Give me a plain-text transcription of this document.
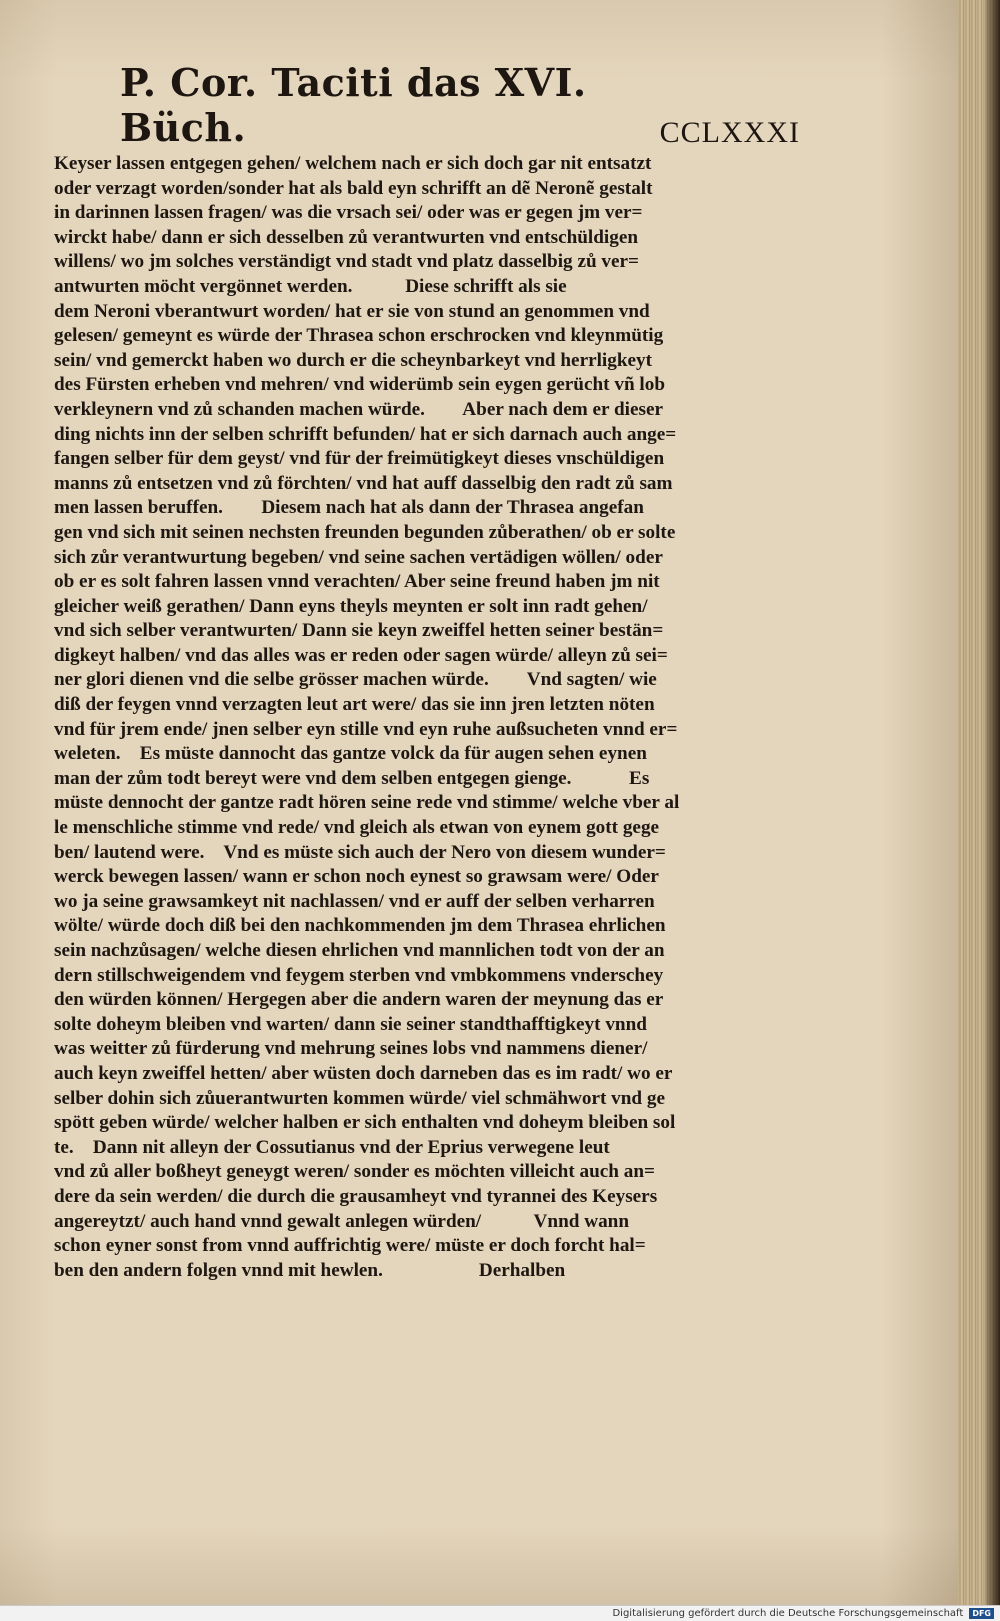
P. Cor. Taciti das XVI. Büch.	CCLXXXI
Keyser lassen entgegen gehen/ welchem nach er sich doch gar nit entsatzt
oder verzagt worden/sonder hat als bald eyn schrifft an dẽ Neronẽ gestalt
in darinnen lassen fragen/ was die vrsach sei/ oder was er gegen jm ver=
wirckt habe/ dann er sich desselben zů verantwurten vnd entschüldigen
willens/ wo jm solches verständigt vnd stadt vnd platz dasselbig zů ver=
antwurten möcht vergönnet werden.           Diese schrifft als sie
dem Neroni vberantwurt worden/ hat er sie von stund an genommen vnd
gelesen/ gemeynt es würde der Thrasea schon erschrocken vnd kleynmütig
sein/ vnd gemerckt haben wo durch er die scheynbarkeyt vnd herrligkeyt
des Fürsten erheben vnd mehren/ vnd widerümb sein eygen gerücht vñ lob
verkleynern vnd zů schanden machen würde.        Aber nach dem er dieser
ding nichts inn der selben schrifft befunden/ hat er sich darnach auch ange=
fangen selber für dem geyst/ vnd für der freimütigkeyt dieses vnschüldigen
manns zů entsetzen vnd zů förchten/ vnd hat auff dasselbig den radt zů sam
men lassen beruffen.        Diesem nach hat als dann der Thrasea angefan
gen vnd sich mit seinen nechsten freunden begunden zůberathen/ ob er solte
sich zůr verantwurtung begeben/ vnd seine sachen vertädigen wöllen/ oder
ob er es solt fahren lassen vnnd verachten/ Aber seine freund haben jm nit
gleicher weiß gerathen/ Dann eyns theyls meynten er solt inn radt gehen/
vnd sich selber verantwurten/ Dann sie keyn zweiffel hetten seiner bestän=
digkeyt halben/ vnd das alles was er reden oder sagen würde/ alleyn zů sei=
ner glori dienen vnd die selbe grösser machen würde.        Vnd sagten/ wie
diß der feygen vnnd verzagten leut art were/ das sie inn jren letzten nöten
vnd für jrem ende/ jnen selber eyn stille vnd eyn ruhe außsucheten vnnd er=
weleten.    Es müste dannocht das gantze volck da für augen sehen eynen
man der zům todt bereyt were vnd dem selben entgegen gienge.            Es
müste dennocht der gantze radt hören seine rede vnd stimme/ welche vber al
le menschliche stimme vnd rede/ vnd gleich als etwan von eynem gott gege
ben/ lautend were.    Vnd es müste sich auch der Nero von diesem wunder=
werck bewegen lassen/ wann er schon noch eynest so grawsam were/ Oder
wo ja seine grawsamkeyt nit nachlassen/ vnd er auff der selben verharren
wölte/ würde doch diß bei den nachkommenden jm dem Thrasea ehrlichen
sein nachzůsagen/ welche diesen ehrlichen vnd mannlichen todt von der an
dern stillschweigendem vnd feygem sterben vnd vmbkommens vnderschey
den würden können/ Hergegen aber die andern waren der meynung das er
solte doheym bleiben vnd warten/ dann sie seiner standthafftigkeyt vnnd
was weitter zů fürderung vnd mehrung seines lobs vnd nammens diener/
auch keyn zweiffel hetten/ aber wüsten doch darneben das es im radt/ wo er
selber dohin sich zůuerantwurten kommen würde/ viel schmähwort vnd ge
spött geben würde/ welcher halben er sich enthalten vnd doheym bleiben sol
te.    Dann nit alleyn der Cossutianus vnd der Eprius verwegene leut
vnd zů aller boßheyt geneygt weren/ sonder es möchten villeicht auch an=
dere da sein werden/ die durch die grausamheyt vnd tyrannei des Keysers
angereytzt/ auch hand vnnd gewalt anlegen würden/           Vnnd wann
schon eyner sonst from vnnd auffrichtig were/ müste er doch forcht hal=
ben den andern folgen vnnd mit hewlen.                    Derhalben
Digitalisierung gefördert durch die Deutsche Forschungsgemeinschaft	DFG
